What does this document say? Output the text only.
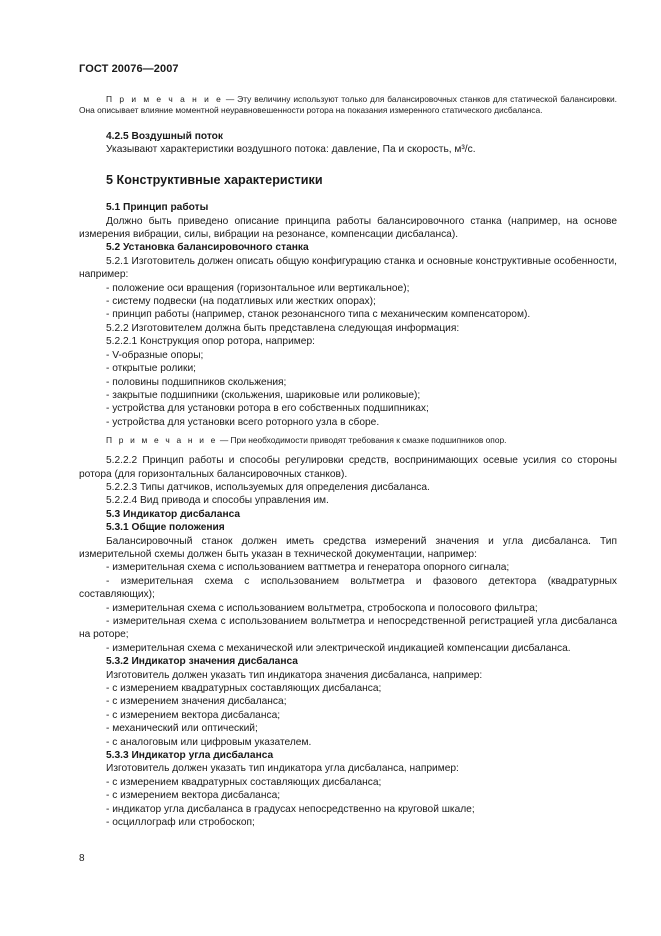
ГОСТ 20076—2007

П р и м е ч а н и е — Эту величину используют только для балансировочных станков для статической балансировки. Она описывает влияние моментной неуравновешенности ротора на показания измеренного статического дисбаланса.

4.2.5 Воздушный поток

Указывают характеристики воздушного потока: давление, Па и скорость, м³/с.

5 Конструктивные характеристики

5.1 Принцип работы

Должно быть приведено описание принципа работы балансировочного станка (например, на основе измерения вибрации, силы, вибрации на резонансе, компенсации дисбаланса).

5.2 Установка балансировочного станка

5.2.1 Изготовитель должен описать общую конфигурацию станка и основные конструктивные особенности, например:

- положение оси вращения (горизонтальное или вертикальное);

- систему подвески (на податливых или жестких опорах);

- принцип работы (например, станок резонансного типа с механическим компенсатором).

5.2.2 Изготовителем должна быть представлена следующая информация:

5.2.2.1 Конструкция опор ротора, например:

- V-образные опоры;

- открытые ролики;

- половины подшипников скольжения;

- закрытые подшипники (скольжения, шариковые или роликовые);

- устройства для установки ротора в его собственных подшипниках;

- устройства для установки всего роторного узла в сборе.

П р и м е ч а н и е — При необходимости приводят требования к смазке подшипников опор.

5.2.2.2 Принцип работы и способы регулировки средств, воспринимающих осевые усилия со стороны ротора (для горизонтальных балансировочных станков).

5.2.2.3 Типы датчиков, используемых для определения дисбаланса.

5.2.2.4 Вид привода и способы управления им.

5.3 Индикатор дисбаланса

5.3.1 Общие положения

Балансировочный станок должен иметь средства измерений значения и угла дисбаланса. Тип измерительной схемы должен быть указан в технической документации, например:

- измерительная схема с использованием ваттметра и генератора опорного сигнала;

- измерительная схема с использованием вольтметра и фазового детектора (квадратурных составляющих);

- измерительная схема с использованием вольтметра, стробоскопа и полосового фильтра;

- измерительная схема с использованием вольтметра и непосредственной регистрацией угла дисбаланса на роторе;

- измерительная схема с механической или электрической индикацией компенсации дисбаланса.

5.3.2 Индикатор значения дисбаланса

Изготовитель должен указать тип индикатора значения дисбаланса, например:

- с измерением квадратурных составляющих дисбаланса;

- с измерением значения дисбаланса;

- с измерением вектора дисбаланса;

- механический или оптический;

- с аналоговым или цифровым указателем.

5.3.3 Индикатор угла дисбаланса

Изготовитель должен указать тип индикатора угла дисбаланса, например:

- с измерением квадратурных составляющих дисбаланса;

- с измерением вектора дисбаланса;

- индикатор угла дисбаланса в градусах непосредственно на круговой шкале;

- осциллограф или стробоскоп;

8
